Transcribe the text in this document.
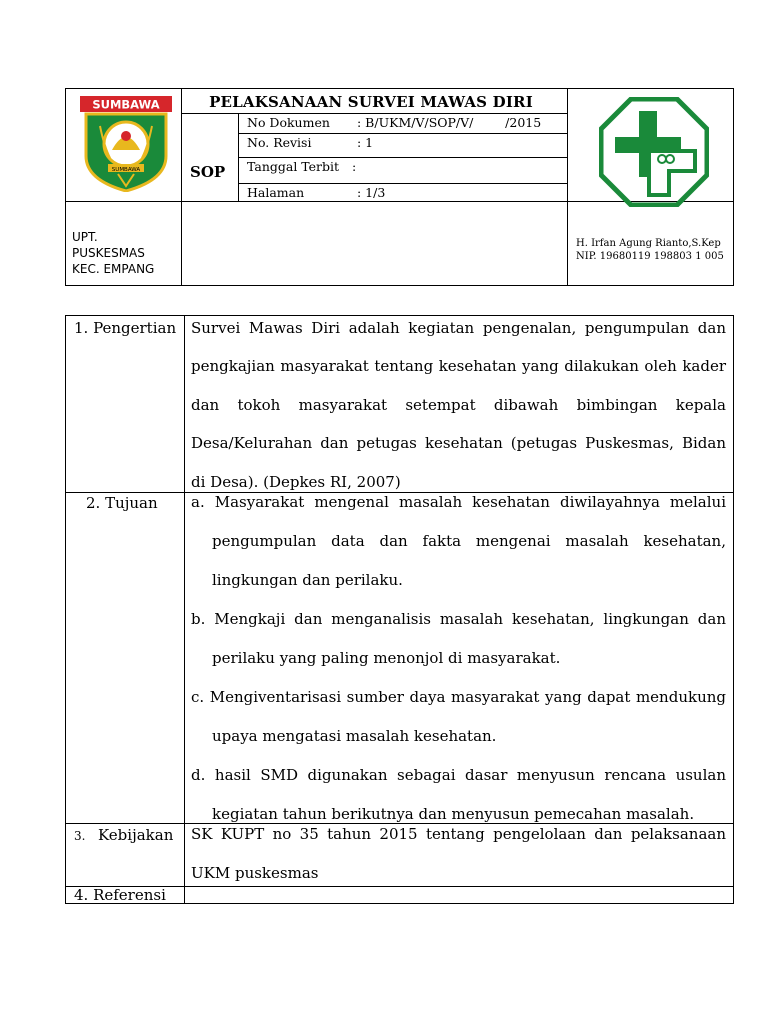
SUMBAWA
SUMBAWA
PELAKSANAAN SURVEI MAWAS DIRI
SOP
No Dokumen : B/UKM/V/SOP/V/        /2015
No. Revisi	: 1
Tanggal Terbit :
Halaman	: 1/3
UPT.
PUSKESMAS
KEC. EMPANG
H. Irfan Agung Rianto,S.Kep
NIP. 19680119 198803 1 005
1. Pengertian Survei Mawas Diri adalah kegiatan pengenalan, pengumpulan dan
pengkajian masyarakat tentang kesehatan yang dilakukan oleh kader
dan tokoh masyarakat setempat dibawah bimbingan kepala
Desa/Kelurahan dan petugas kesehatan (petugas Puskesmas, Bidan
di Desa). (Depkes RI, 2007)
2. Tujuan a. Masyarakat mengenal masalah kesehatan diwilayahnya melalui
pengumpulan data dan fakta mengenai masalah kesehatan,
lingkungan dan perilaku.
b. Mengkaji dan menganalisis masalah kesehatan, lingkungan dan
perilaku yang paling menonjol di masyarakat.
c. Mengiventarisasi sumber daya masyarakat yang dapat mendukung
upaya mengatasi masalah kesehatan.
d. hasil SMD digunakan sebagai dasar menyusun rencana usulan
kegiatan tahun berikutnya dan menyusun pemecahan masalah.
3. Kebijakan SK KUPT no 35 tahun 2015 tentang pengelolaan dan pelaksanaan
UKM puskesmas
4. Referensi
